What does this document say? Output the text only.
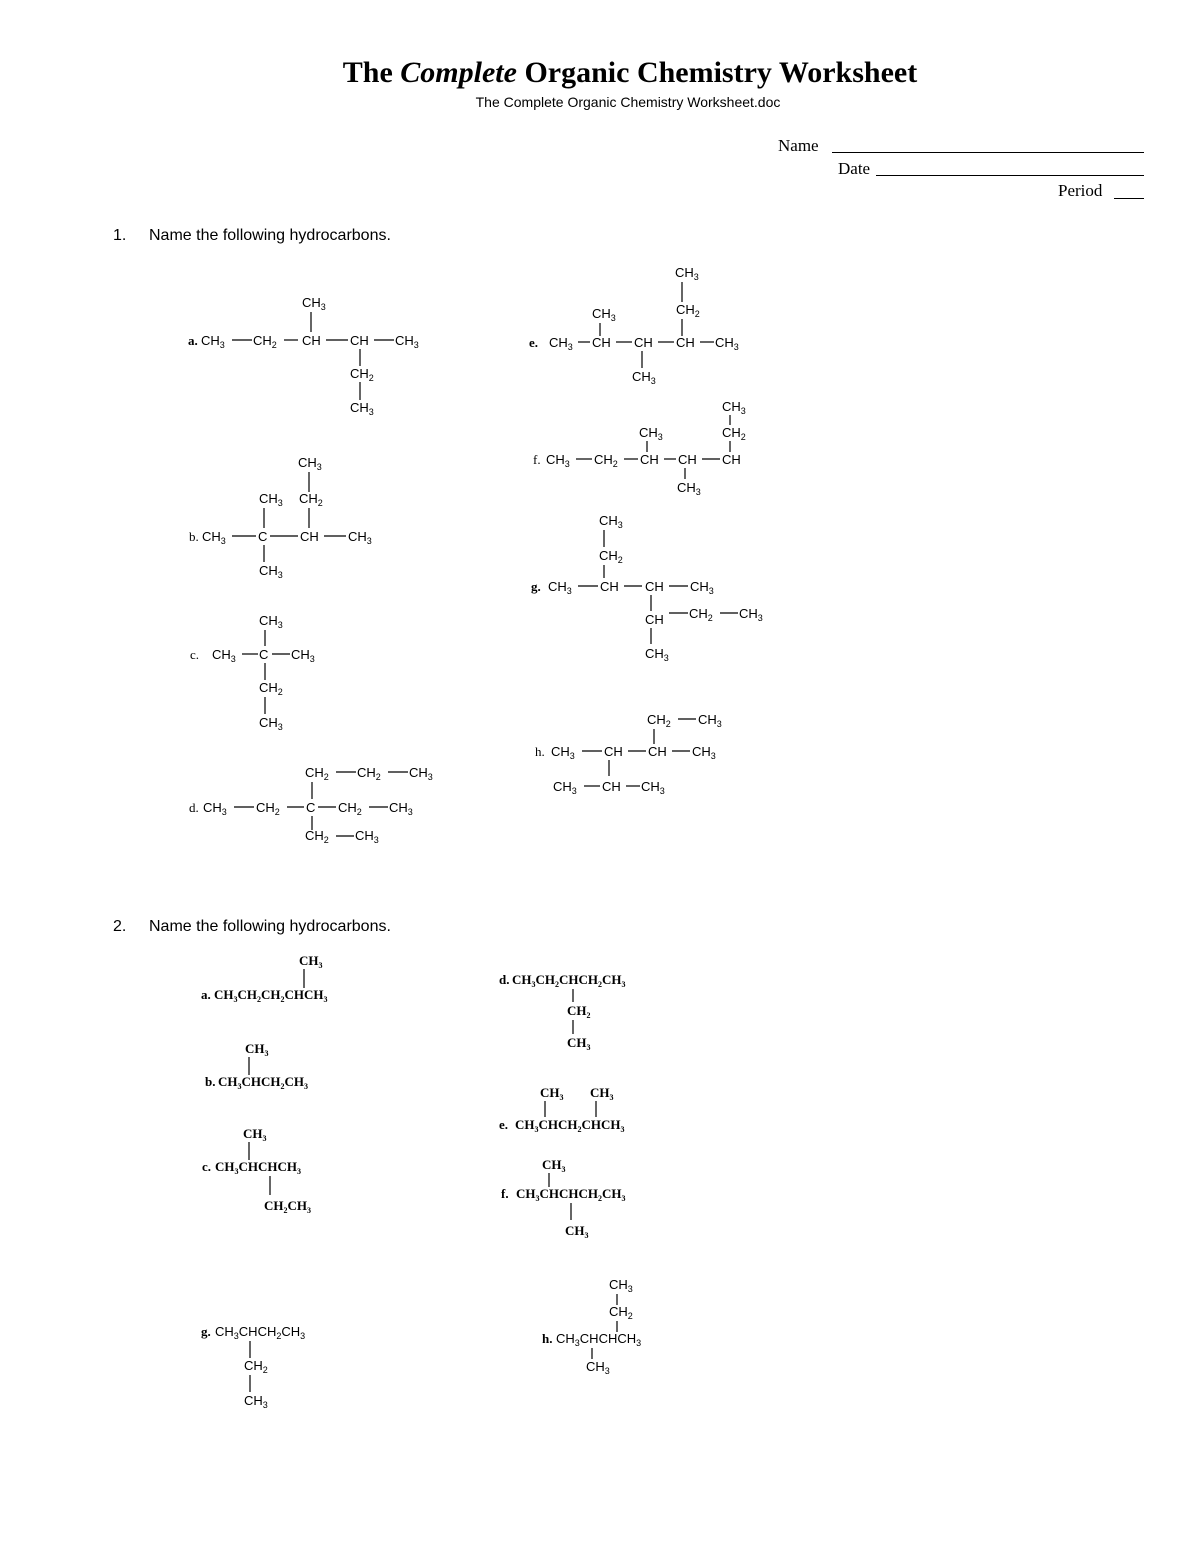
The Complete Organic Chemistry Worksheet
The Complete Organic Chemistry Worksheet.doc
Name
Date
Period
1. Name the following hydrocarbons.
2. Name the following hydrocarbons.
a. $CH_3$ $CH_2$ CH CH $CH_3$
$CH_3$
$CH_2$
$CH_3$
b. $CH_3$ C	CH $CH_3$
$CH_3$ $CH_2$
$CH_3$
$CH_3$
c. $CH_3$ C $CH_3$
$CH_3$
$CH_2$
$CH_3$
d. $CH_3$ $CH_2$ C $CH_2$ $CH_3$
$CH_2$ $CH_2$ $CH_3$
$CH_2$ $CH_3$
e. $CH_3$ CH CH CH $CH_3$
$CH_3$
$CH_3$
$CH_2$
$CH_3$
f. $CH_3$ $CH_2$ CH CH CH
$CH_3$
$CH_3$
$CH_2$
$CH_3$
g. $CH_3$ CH CH $CH_3$
$CH_3$
$CH_2$
CH $CH_2$ $CH_3$
$CH_3$
h. $CH_3$ CH CH $CH_3$
$CH_2$ $CH_3$
$CH_3$ CH $CH_3$
a. $CH_3CH_2CH_2CHCH_3$
$CH_3$
b. $CH_3CHCH_2CH_3$
$CH_3$
c. $CH_3CHCHCH_3$
$CH_3$
$CH_2CH_3$
d. $CH_3CH_2CHCH_2CH_3$
$CH_2$
$CH_3$
e. $CH_3CHCH_2CHCH_3$
$CH_3$ $CH_3$
f. $CH_3CHCHCH_2CH_3$
$CH_3$
$CH_3$
g. $CH_3CHCH_2CH_3$
$CH_2$
$CH_3$
h. $CH_3CHCHCH_3$
$CH_3$
$CH_2$
$CH_3$
